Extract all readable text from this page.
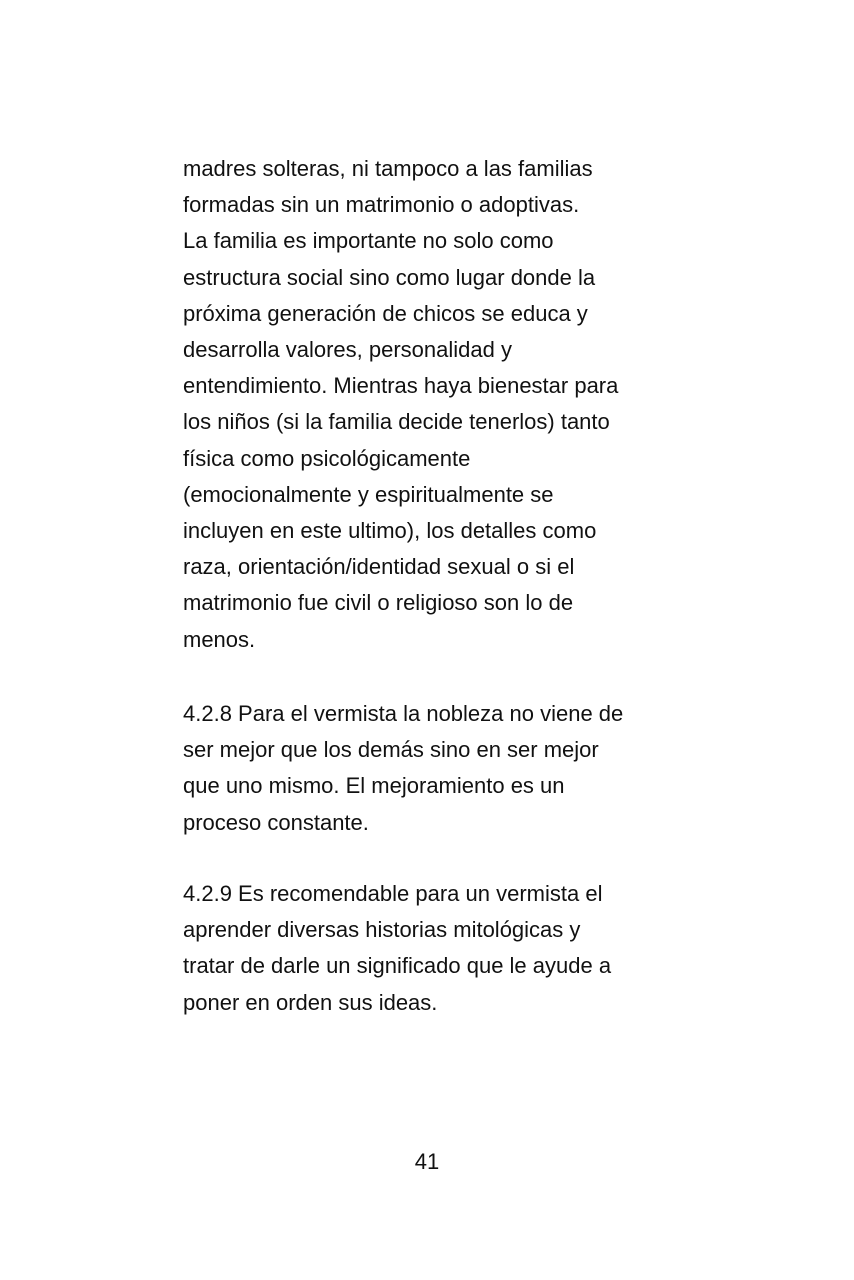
madres solteras, ni tampoco a las familias
formadas sin un matrimonio o adoptivas.
La familia es importante no solo como
estructura social sino como lugar donde la
próxima generación de chicos se educa y
desarrolla valores, personalidad y
entendimiento. Mientras haya bienestar para
los niños (si la familia decide tenerlos) tanto
física como psicológicamente
(emocionalmente y espiritualmente se
incluyen en este ultimo), los detalles como
raza, orientación/identidad sexual o si el
matrimonio fue civil o religioso son lo de
menos.
4.2.8 Para el vermista la nobleza no viene de
ser mejor que los demás sino en ser mejor
que uno mismo. El mejoramiento es un
proceso constante.
4.2.9 Es recomendable para un vermista el
aprender diversas historias mitológicas y
tratar de darle un significado que le ayude a
poner en orden sus ideas.
41
